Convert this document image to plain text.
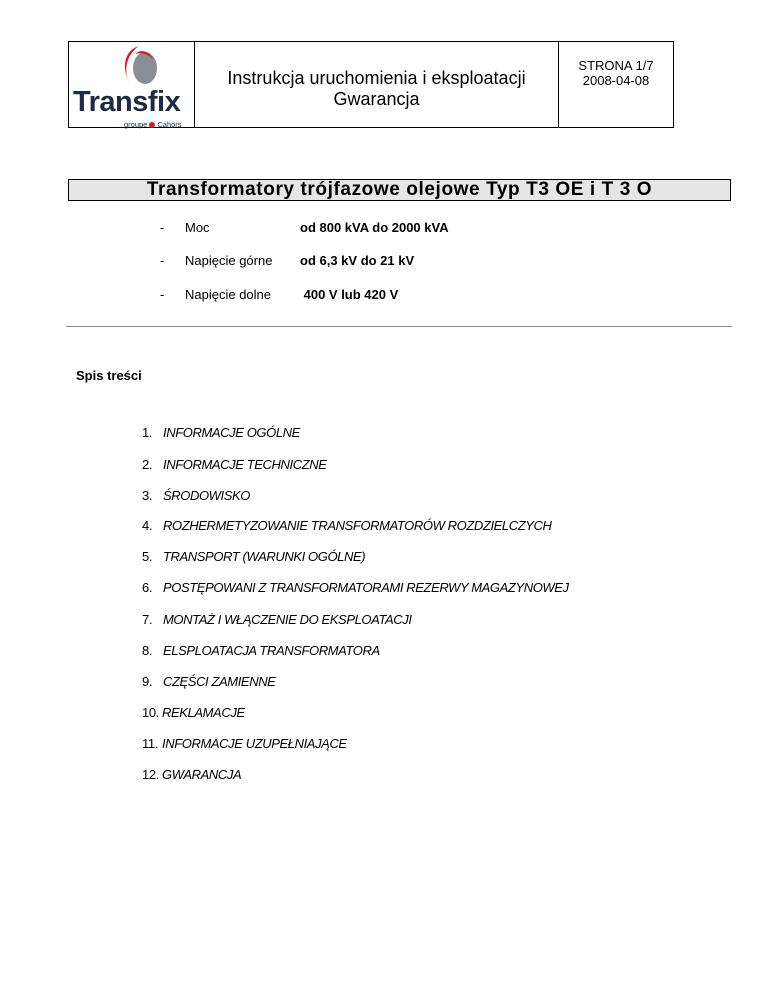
Transfix
groupe Cahors
Instrukcja uruchomienia i eksploatacji
Gwarancja
STRONA 1/7
2008-04-08
Transformatory trójfazowe olejowe Typ T3 OE i T 3 O
- Moc	od 800 kVA do 2000 kVA
- Napięcie górne od 6,3 kV do 21 kV
- Napięcie dolne 400 V lub 420 V
Spis treści
1. INFORMACJE OGÓLNE
2. INFORMACJE TECHNICZNE
3. ŚRODOWISKO
4. ROZHERMETYZOWANIE TRANSFORMATORÓW ROZDZIELCZYCH
5. TRANSPORT (WARUNKI OGÓLNE)
6. POSTĘPOWANI Z TRANSFORMATORAMI REZERWY MAGAZYNOWEJ
7. MONTAŻ I WŁĄCZENIE DO EKSPLOATACJI
8. ELSPLOATACJA TRANSFORMATORA
9. CZĘŚCI ZAMIENNE
10. REKLAMACJE
11. INFORMACJE UZUPEŁNIAJĄCE
12. GWARANCJA
